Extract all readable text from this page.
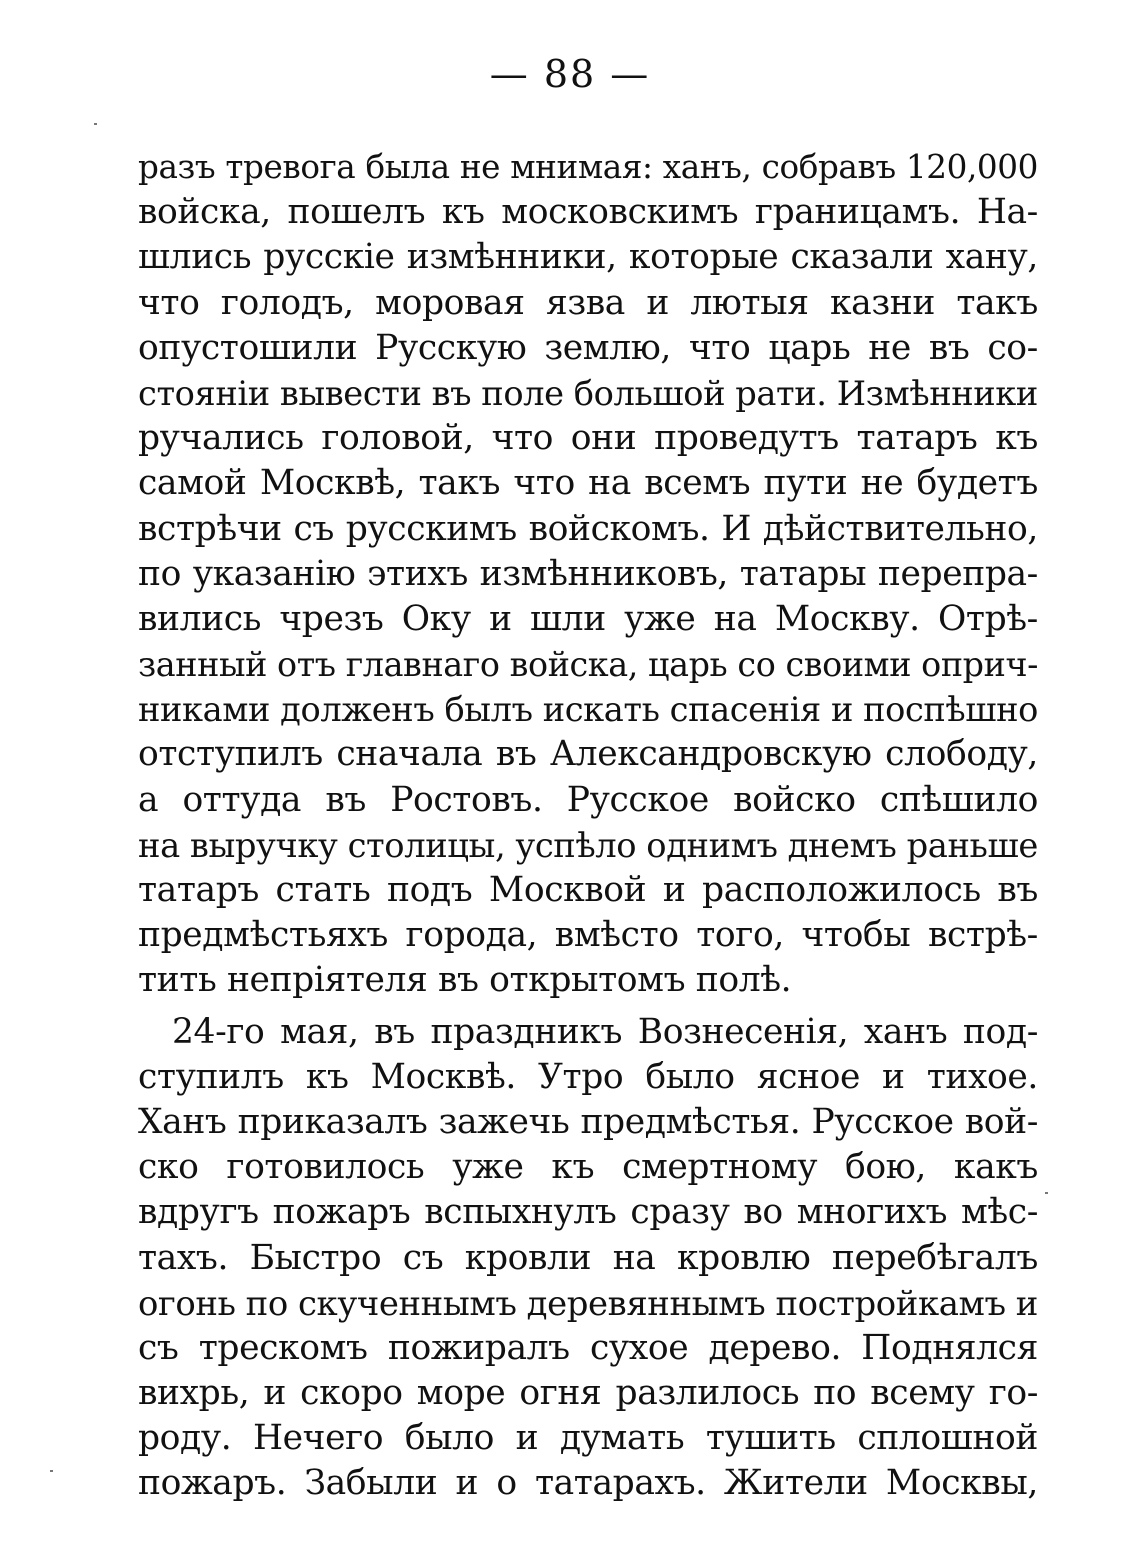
— 88 —
разъ тревога была не мнимая: ханъ, собравъ 120,000
войска, пошелъ къ московскимъ границамъ. На-
шлись русскіе измѣнники, которые сказали хану,
что голодъ, моровая язва и лютыя казни такъ
опустошили Русскую землю, что царь не въ со-
стояніи вывести въ поле большой рати. Измѣнники
ручались головой, что они проведутъ татаръ къ
самой Москвѣ, такъ что на всемъ пути не будетъ
встрѣчи съ русскимъ войскомъ. И дѣйствительно,
по указанію этихъ измѣнниковъ, татары перепра-
вились чрезъ Оку и шли уже на Москву. Отрѣ-
занный отъ главнаго войска, царь со своими оприч-
никами долженъ былъ искать спасенія и поспѣшно
отступилъ сначала въ Александровскую слободу,
а оттуда въ Ростовъ. Русское войско спѣшило
на выручку столицы, успѣло однимъ днемъ раньше
татаръ стать подъ Москвой и расположилось въ
предмѣстьяхъ города, вмѣсто того, чтобы встрѣ-
тить
непріятеля
въ
открытомъ
полѣ.
24-го мая, въ праздникъ Вознесенія, ханъ под-
ступилъ къ Москвѣ. Утро было ясное и тихое.
Ханъ приказалъ зажечь предмѣстья. Русское вой-
ско готовилось уже къ смертному бою, какъ
вдругъ пожаръ вспыхнулъ сразу во многихъ мѣс-
тахъ. Быстро съ кровли на кровлю перебѣгалъ
огонь по скученнымъ деревяннымъ постройкамъ и
съ трескомъ пожиралъ сухое дерево. Поднялся
вихрь, и скоро море огня разлилось по всему го-
роду. Нечего было и думать тушить сплошной
пожаръ. Забыли и о татарахъ. Жители Москвы,
